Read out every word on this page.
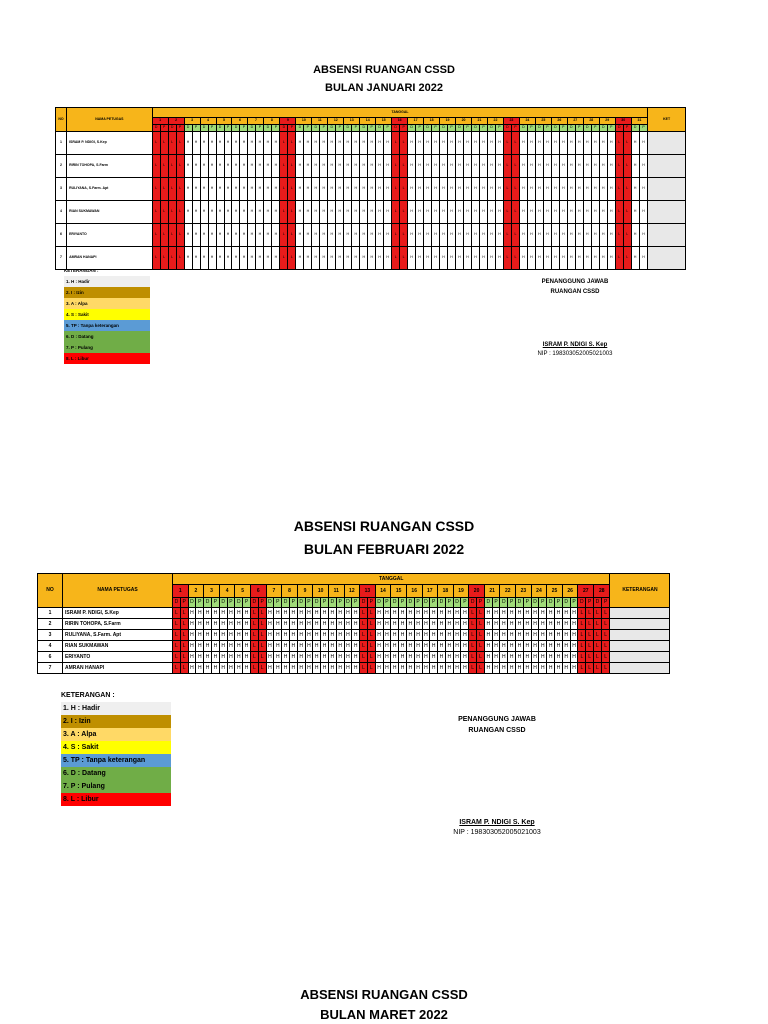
ABSENSI RUANGAN CSSD
BULAN JANUARI 2022
NO	NAMA PETUGAS	TANGGAL	KET
1	2	3	4	5	6	7	8	9	10	11	12	13	14	15	16	17	18	19	20	21	22	23	24	25	26	27	28	29	30	31
D	P	D	P	D	P	D	P	D	P	D	P	D	P	D	P	D	P	D	P	D	P	D	P	D	P	D	P	D	P	D	P	D	P	D	P	D	P	D	P	D	P	D	P	D	P	D	P	D	P	D	P	D	P	D	P	D	P	D	P	D	P
1	ISRAM P. NDIGI, S.Kep	L	L	L	L	H	H	H	H	H	H	H	H	H	H	H	H	L	L	H	H	H	H	H	H	H	H	H	H	H	H	L	L	H	H	H	H	H	H	H	H	H	H	H	H	L	L	H	H	H	H	H	H	H	H	H	H	H	H	L	L	H	H	
2	RIRIN TOHOPA, S.Farm	L	L	L	L	H	H	H	H	H	H	H	H	H	H	H	H	L	L	H	H	H	H	H	H	H	H	H	H	H	H	L	L	H	H	H	H	H	H	H	H	H	H	H	H	L	L	H	H	H	H	H	H	H	H	H	H	H	H	L	L	H	H	
3	RULIYANA, S.Farm. Apt	L	L	L	L	H	H	H	H	H	H	H	H	H	H	H	H	L	L	H	H	H	H	H	H	H	H	H	H	H	H	L	L	H	H	H	H	H	H	H	H	H	H	H	H	L	L	H	H	H	H	H	H	H	H	H	H	H	H	L	L	H	H	
4	RIAN SUKMAWAN	L	L	L	L	H	H	H	H	H	H	H	H	H	H	H	H	L	L	H	H	H	H	H	H	H	H	H	H	H	H	L	L	H	H	H	H	H	H	H	H	H	H	H	H	L	L	H	H	H	H	H	H	H	H	H	H	H	H	L	L	H	H	
6	ERIYANTO	L	L	L	L	H	H	H	H	H	H	H	H	H	H	H	H	L	L	H	H	H	H	H	H	H	H	H	H	H	H	L	L	H	H	H	H	H	H	H	H	H	H	H	H	L	L	H	H	H	H	H	H	H	H	H	H	H	H	L	L	H	H	
7	AMRAN HANAPI	L	L	L	L	H	H	H	H	H	H	H	H	H	H	H	H	L	L	H	H	H	H	H	H	H	H	H	H	H	H	L	L	H	H	H	H	H	H	H	H	H	H	H	H	L	L	H	H	H	H	H	H	H	H	H	H	H	H	L	L	H	H	
KETERANGAN :
1. H : Hadir
2. I : Izin
3. A : Alpa
4. S : Sakit
5. TP : Tanpa keterangan
6. D : Datang
7. P : Pulang
8. L : Libur
PENANGGUNG JAWAB
RUANGAN CSSD
ISRAM P. NDIGI S. Kep
NIP : 198303052005021003
ABSENSI RUANGAN CSSD
BULAN FEBRUARI 2022
NO	NAMA PETUGAS	TANGGAL																																																								KETERANGAN
		1		2		3		4		5		6		7		8		9		10		11		12		13		14		15		16		17		18		19		20		21		22		23		24		25		26		27		28		
		D	P	D	P	D	P	D	P	D	P	D	P	D	P	D	P	D	P	D	P	D	P	D	P	D	P	D	P	D	P	D	P	D	P	D	P	D	P	D	P	D	P	D	P	D	P	D	P	D	P	D	P	D	P	D	P	
1	ISRAM P. NDIGI, S.Kep	L	L	H	H	H	H	H	H	H	H	L	L	H	H	H	H	H	H	H	H	H	H	H	H	L	L	H	H	H	H	H	H	H	H	H	H	H	H	L	L	H	H	H	H	H	H	H	H	H	H	H	H	L	L	L	L	
2	RIRIN TOHOPA, S.Farm	L	L	H	H	H	H	H	H	H	H	L	L	H	H	H	H	H	H	H	H	H	H	H	H	L	L	H	H	H	H	H	H	H	H	H	H	H	H	L	L	H	H	H	H	H	H	H	H	H	H	H	H	L	L	L	L	
3	RULIYANA, S.Farm. Apt	L	L	H	H	H	H	H	H	H	H	L	L	H	H	H	H	H	H	H	H	H	H	H	H	L	L	H	H	H	H	H	H	H	H	H	H	H	H	L	L	H	H	H	H	H	H	H	H	H	H	H	H	L	L	L	L	
4	RIAN SUKMAWAN	L	L	H	H	H	H	H	H	H	H	L	L	H	H	H	H	H	H	H	H	H	H	H	H	L	L	H	H	H	H	H	H	H	H	H	H	H	H	L	L	H	H	H	H	H	H	H	H	H	H	H	H	L	L	L	L	
6	ERIYANTO	L	L	H	H	H	H	H	H	H	H	L	L	H	H	H	H	H	H	H	H	H	H	H	H	L	L	H	H	H	H	H	H	H	H	H	H	H	H	L	L	H	H	H	H	H	H	H	H	H	H	H	H	L	L	L	L	
7	AMRAN HANAPI	L	L	H	H	H	H	H	H	H	H	L	L	H	H	H	H	H	H	H	H	H	H	H	H	L	L	H	H	H	H	H	H	H	H	H	H	H	H	L	L	H	H	H	H	H	H	H	H	H	H	H	H	L	L	L	L	
KETERANGAN :
1. H : Hadir
2. I : Izin
3. A : Alpa
4. S : Sakit
5. TP : Tanpa keterangan
6. D : Datang
7. P : Pulang
8. L : Libur
PENANGGUNG JAWAB
RUANGAN CSSD
ISRAM P. NDIGI S. Kep
NIP : 198303052005021003
ABSENSI RUANGAN CSSD
BULAN MARET 2022
